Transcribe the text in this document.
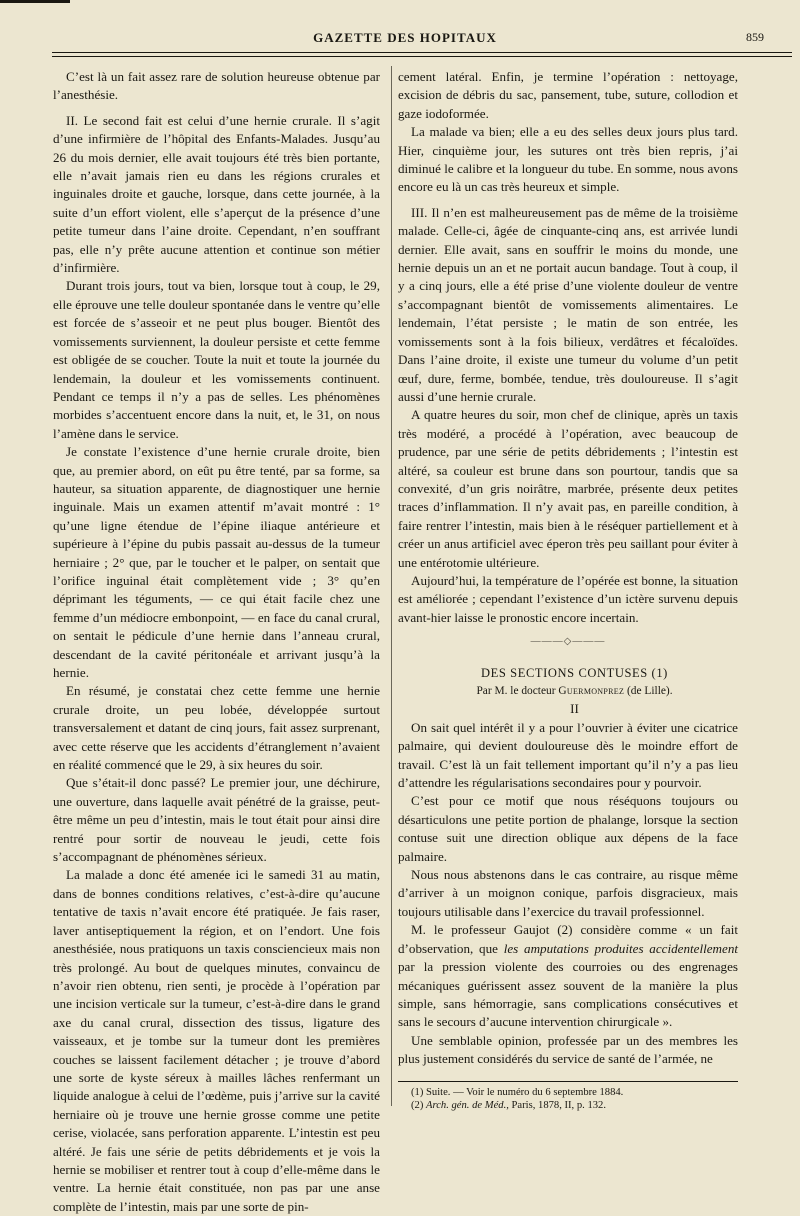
GAZETTE DES HOPITAUX	859

C’est là un fait assez rare de solution heureuse obtenue par l’anesthésie.

II. Le second fait est celui d’une hernie crurale. Il s’agit d’une infirmière de l’hôpital des Enfants-Malades. Jusqu’au 26 du mois dernier, elle avait toujours été très bien portante, elle n’avait jamais rien eu dans les régions crurales et inguinales droite et gauche, lorsque, dans cette journée, à la suite d’un effort violent, elle s’aperçut de la présence d’une petite tumeur dans l’aine droite. Cependant, n’en souffrant pas, elle n’y prête aucune attention et continue son métier d’infirmière.

Durant trois jours, tout va bien, lorsque tout à coup, le 29, elle éprouve une telle douleur spontanée dans le ventre qu’elle est forcée de s’asseoir et ne peut plus bouger. Bientôt des vomissements surviennent, la douleur persiste et cette femme est obligée de se coucher. Toute la nuit et toute la journée du lendemain, la douleur et les vomissements continuent. Pendant ce temps il n’y a pas de selles. Les phénomènes morbides s’accentuent encore dans la nuit, et, le 31, on nous l’amène dans le service.

Je constate l’existence d’une hernie crurale droite, bien que, au premier abord, on eût pu être tenté, par sa forme, sa hauteur, sa situation apparente, de diagnostiquer une hernie inguinale. Mais un examen attentif m’avait montré : 1° qu’une ligne étendue de l’épine iliaque antérieure et supérieure à l’épine du pubis passait au-dessus de la tumeur herniaire ; 2° que, par le toucher et le palper, on sentait que l’orifice inguinal était complètement vide ; 3° qu’en déprimant les téguments, — ce qui était facile chez une femme d’un médiocre embonpoint, — en face du canal crural, on sentait le pédicule d’une hernie dans l’anneau crural, descendant de la cavité péritonéale et arrivant jusqu’à la hernie.

En résumé, je constatai chez cette femme une hernie crurale droite, un peu lobée, développée surtout transversalement et datant de cinq jours, fait assez surprenant, avec cette réserve que les accidents d’étranglement n’avaient en réalité commencé que le 29, à six heures du soir.

Que s’était-il donc passé? Le premier jour, une déchirure, une ouverture, dans laquelle avait pénétré de la graisse, peut-être même un peu d’intestin, mais le tout était pour ainsi dire rentré pour sortir de nouveau le jeudi, cette fois s’accompagnant de phénomènes sérieux.

La malade a donc été amenée ici le samedi 31 au matin, dans de bonnes conditions relatives, c’est-à-dire qu’aucune tentative de taxis n’avait encore été pratiquée. Je fais raser, laver antiseptiquement la région, et on l’endort. Une fois anesthésiée, nous pratiquons un taxis consciencieux mais non très prolongé. Au bout de quelques minutes, convaincu de n’avoir rien obtenu, rien senti, je procède à l’opération par une incision verticale sur la tumeur, c’est-à-dire dans le grand axe du canal crural, dissection des tissus, ligature des vaisseaux, et je tombe sur la tumeur dont les premières couches se laissent facilement détacher ; je trouve d’abord une sorte de kyste séreux à mailles lâches renfermant un liquide analogue à celui de l’œdème, puis j’arrive sur la cavité herniaire où je trouve une hernie grosse comme une petite cerise, violacée, sans perforation apparente. L’intestin est peu altéré. Je fais une série de petits débridements et je vois la hernie se mobiliser et rentrer tout à coup d’elle-même dans le ventre. La hernie était constituée, non pas par une anse complète de l’intestin, mais par une sorte de pin-

cement latéral. Enfin, je termine l’opération : nettoyage, excision de débris du sac, pansement, tube, suture, collodion et gaze iodoformée.

La malade va bien; elle a eu des selles deux jours plus tard. Hier, cinquième jour, les sutures ont très bien repris, j’ai diminué le calibre et la longueur du tube. En somme, nous avons encore eu là un cas très heureux et simple.

III. Il n’en est malheureusement pas de même de la troisième malade. Celle-ci, âgée de cinquante-cinq ans, est arrivée lundi dernier. Elle avait, sans en souffrir le moins du monde, une hernie depuis un an et ne portait aucun bandage. Tout à coup, il y a cinq jours, elle a été prise d’une violente douleur de ventre s’accompagnant bientôt de vomissements alimentaires. Le lendemain, l’état persiste ; le matin de son entrée, les vomissements sont à la fois bilieux, verdâtres et fécaloïdes. Dans l’aine droite, il existe une tumeur du volume d’un petit œuf, dure, ferme, bombée, tendue, très douloureuse. Il s’agit aussi d’une hernie crurale.

A quatre heures du soir, mon chef de clinique, après un taxis très modéré, a procédé à l’opération, avec beaucoup de prudence, par une série de petits débridements ; l’intestin est altéré, sa couleur est brune dans son pourtour, tandis que sa convexité, d’un gris noirâtre, marbrée, présente deux petites traces d’inflammation. Il n’y avait pas, en pareille condition, à faire rentrer l’intestin, mais bien à le réséquer partiellement et à créer un anus artificiel avec éperon très peu saillant pour éviter à une entérotomie ultérieure.

Aujourd’hui, la température de l’opérée est bonne, la situation est améliorée ; cependant l’existence d’un ictère survenu depuis avant-hier laisse le pronostic encore incertain.

———◇———

DES SECTIONS CONTUSES (1)

Par M. le docteur Guermonprez (de Lille).

II

On sait quel intérêt il y a pour l’ouvrier à éviter une cicatrice palmaire, qui devient douloureuse dès le moindre effort de travail. C’est là un fait tellement important qu’il n’y a pas lieu d’attendre les régularisations secondaires pour y pourvoir.

C’est pour ce motif que nous réséquons toujours ou désarticulons une petite portion de phalange, lorsque la section contuse suit une direction oblique aux dépens de la face palmaire.

Nous nous abstenons dans le cas contraire, au risque même d’arriver à un moignon conique, parfois disgracieux, mais toujours utilisable dans l’exercice du travail professionnel.

M. le professeur Gaujot (2) considère comme « un fait d’observation, que les amputations produites accidentellement par la pression violente des courroies ou des engrenages mécaniques guérissent assez souvent de la manière la plus simple, sans hémorragie, sans complications consécutives et sans le secours d’aucune intervention chirurgicale ».

Une semblable opinion, professée par un des membres les plus justement considérés du service de santé de l’armée, ne

(1) Suite. — Voir le numéro du 6 septembre 1884.

(2) Arch. gén. de Méd., Paris, 1878, II, p. 132.
